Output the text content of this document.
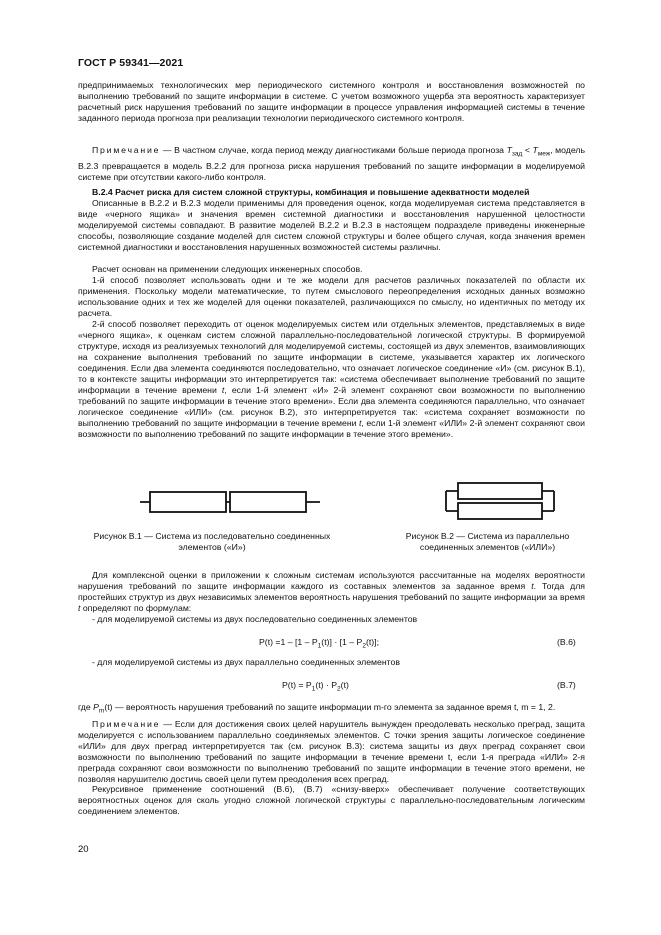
ГОСТ Р 59341—2021
предпринимаемых технологических мер периодического системного контроля и восстановления возможностей по выполнению требований по защите информации в системе. С учетом возможного ущерба эта вероятность характеризует расчетный риск нарушения требований по защите информации в процессе управления информацией системы в течение заданного периода прогноза при реализации технологии периодического системного контроля.
Примечание — В частном случае, когда период между диагностиками больше периода прогноза $T_{зад} < T_{меж}$, модель В.2.3 превращается в модель В.2.2 для прогноза риска нарушения требований по защите информации в моделируемой системе при отсутствии какого-либо контроля.
В.2.4 Расчет риска для систем сложной структуры, комбинация и повышение адекватности моделей
Описанные в В.2.2 и В.2.3 модели применимы для проведения оценок, когда моделируемая система представляется в виде «черного ящика» и значения времен системной диагностики и восстановления нарушенной целостности моделируемой системы совпадают. В развитие моделей В.2.2 и В.2.3 в настоящем подразделе приведены инженерные способы, позволяющие создание моделей для систем сложной структуры и более общего случая, когда значения времен системной диагностики и восстановления нарушенных возможностей системы различны.
Расчет основан на применении следующих инженерных способов.
1-й способ позволяет использовать одни и те же модели для расчетов различных показателей по области их применения. Поскольку модели математические, то путем смыслового переопределения исходных данных возможно использование одних и тех же моделей для оценки показателей, различающихся по смыслу, но идентичных по методу их расчета.
2-й способ позволяет переходить от оценок моделируемых систем или отдельных элементов, представляемых в виде «черного ящика», к оценкам систем сложной параллельно-последовательной логической структуры. В формируемой структуре, исходя из реализуемых технологий для моделируемой системы, состоящей из двух элементов, взаимовлияющих на сохранение выполнения требований по защите информации в системе, указывается характер их логического соединения. Если два элемента соединяются последовательно, что означает логическое соединение «И» (см. рисунок В.1), то в контексте защиты информации это интерпретируется так: «система обеспечивает выполнение требований по защите информации в течение времени t, если 1-й элемент «И» 2-й элемент сохраняют свои возможности по выполнению требований по защите информации в течение этого времени». Если два элемента соединяются параллельно, что означает логическое соединение «ИЛИ» (см. рисунок В.2), это интерпретируется так: «система сохраняет возможности по выполнению требований по защите информации в течение времени t, если 1-й элемент «ИЛИ» 2-й элемент сохраняют свои возможности по выполнению требований по защите информации в течение этого времени».
Рисунок В.1 — Система из последовательно соединенных элементов («И»)
Рисунок В.2 — Система из параллельно соединенных элементов («ИЛИ»)
Для комплексной оценки в приложении к сложным системам используются рассчитанные на моделях вероятности нарушения требований по защите информации каждого из составных элементов за заданное время t. Тогда для простейших структур из двух независимых элементов вероятность нарушения требований по защите информации за время t определяют по формулам:
- для моделируемой системы из двух последовательно соединенных элементов
$P(t) =1 - [1 - P_1(t)] \cdot [1 - P_2(t)]$;	(В.6)
- для моделируемой системы из двух параллельно соединенных элементов
$P(t) = P_1(t) \cdot P_2(t)$	(В.7)
где $P_m(t)$ — вероятность нарушения требований по защите информации m-го элемента за заданное время t, m = 1, 2.
Примечание — Если для достижения своих целей нарушитель вынужден преодолевать несколько преград, защита моделируется с использованием параллельно соединяемых элементов. С точки зрения защиты логическое соединение «ИЛИ» для двух преград интерпретируется так (см. рисунок В.3): система защиты из двух преград сохраняет свои возможности по выполнению требований по защите информации в течение времени t, если 1-я преграда «ИЛИ» 2-я преграда сохраняют свои возможности по выполнению требований по защите информации в течение этого времени, не позволяя нарушителю достичь своей цели путем преодоления всех преград.
Рекурсивное применение соотношений (В.6), (В.7) «снизу-вверх» обеспечивает получение соответствующих вероятностных оценок для сколь угодно сложной логической структуры с параллельно-последовательным логическим соединением элементов.
20
